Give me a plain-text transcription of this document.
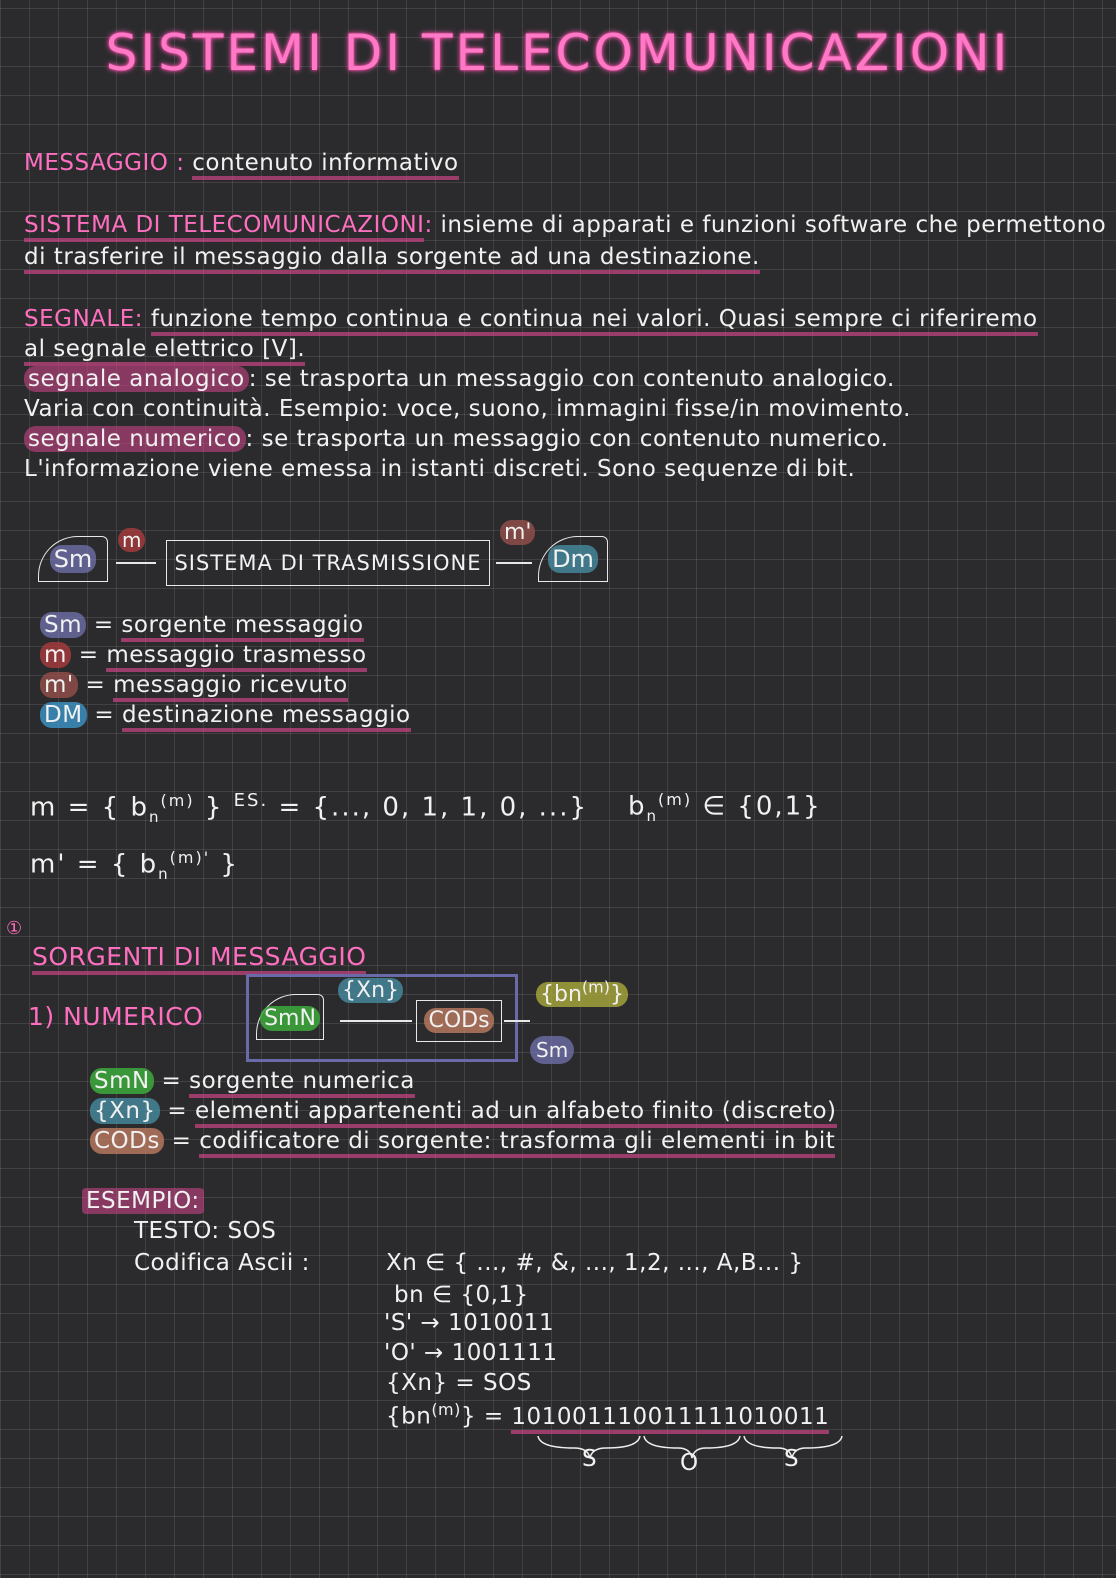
SISTEMI DI TELECOMUNICAZIONI
MESSAGGIO : contenuto informativo
SISTEMA DI TELECOMUNICAZIONI: insieme di apparati e funzioni software che permettono
di trasferire il messaggio dalla sorgente ad una destinazione.
SEGNALE: funzione tempo continua e continua nei valori. Quasi sempre ci riferiremo
al segnale elettrico [V].
segnale analogico : se trasporta un messaggio con contenuto analogico.
Varia con continuità. Esempio: voce, suono, immagini fisse/in movimento.
segnale numerico : se trasporta un messaggio con contenuto numerico.
L'informazione viene emessa in istanti discreti. Sono sequenze di bit.
Sm
m
SISTEMA DI TRASMISSIONE
m'
Dm
Sm = sorgente messaggio
m = messaggio trasmesso
m' = messaggio ricevuto
DM = destinazione messaggio
m = { $b_n^{(m)}$ } $^{ES.}$ = {..., 0, 1, 1, 0, ...} $b_n^{(m)}$ ∈ {0,1}
m' = { $b_n^{(m)'}$ }
①
SORGENTI DI MESSAGGIO
1) NUMERICO	SmN
{Xn}
CODs
$\{bn^{(m)}\}$
Sm
SmN = sorgente numerica
{Xn} = elementi appartenenti ad un alfabeto finito (discreto)
CODs = codificatore di sorgente: trasforma gli elementi in bit
ESEMPIO:
TESTO: SOS
Codifica Ascii :	Xn ∈ { ..., #, &, ..., 1,2, ..., A,B... }
bn ∈ {0,1}
'S' → 1010011
'O' → 1001111
{Xn} = SOS
$\{bn^{(m)}\} = 101001110011111010011$
S	O	S
